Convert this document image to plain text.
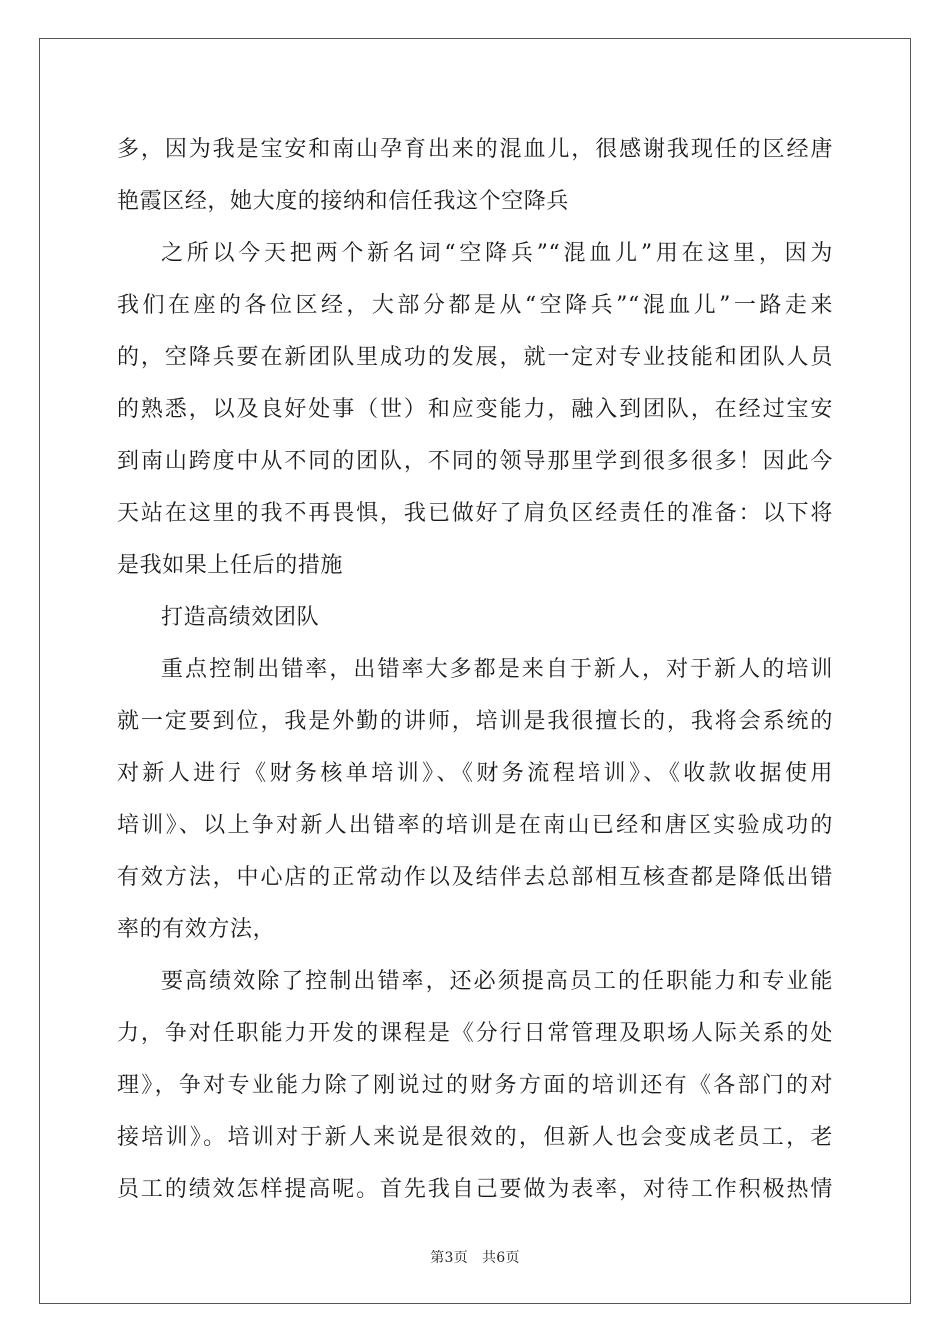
多，因为我是宝安和南山孕育出来的混血儿，很感谢我现任的区经唐
艳霞区经，她大度的接纳和信任我这个空降兵
之所以今天把两个新名词“空降兵”“混血儿”用在这里，因为
我们在座的各位区经，大部分都是从“空降兵”“混血儿”一路走来
的，空降兵要在新团队里成功的发展，就一定对专业技能和团队人员
的熟悉，以及良好处事（世）和应变能力，融入到团队，在经过宝安
到南山跨度中从不同的团队，不同的领导那里学到很多很多！因此今
天站在这里的我不再畏惧，我已做好了肩负区经责任的准备：以下将
是我如果上任后的措施
打造高绩效团队
重点控制出错率，出错率大多都是来自于新人，对于新人的培训
就一定要到位，我是外勤的讲师，培训是我很擅长的，我将会系统的
对新人进行《财务核单培训》、《财务流程培训》、《收款收据使用
培训》、以上争对新人出错率的培训是在南山已经和唐区实验成功的
有效方法，中心店的正常动作以及结伴去总部相互核查都是降低出错
率的有效方法，
要高绩效除了控制出错率，还必须提高员工的任职能力和专业能
力，争对任职能力开发的课程是《分行日常管理及职场人际关系的处
理》，争对专业能力除了刚说过的财务方面的培训还有《各部门的对
接培训》。培训对于新人来说是很效的，但新人也会变成老员工，老
员工的绩效怎样提高呢。首先我自己要做为表率，对待工作积极热情
第3页 共6页
